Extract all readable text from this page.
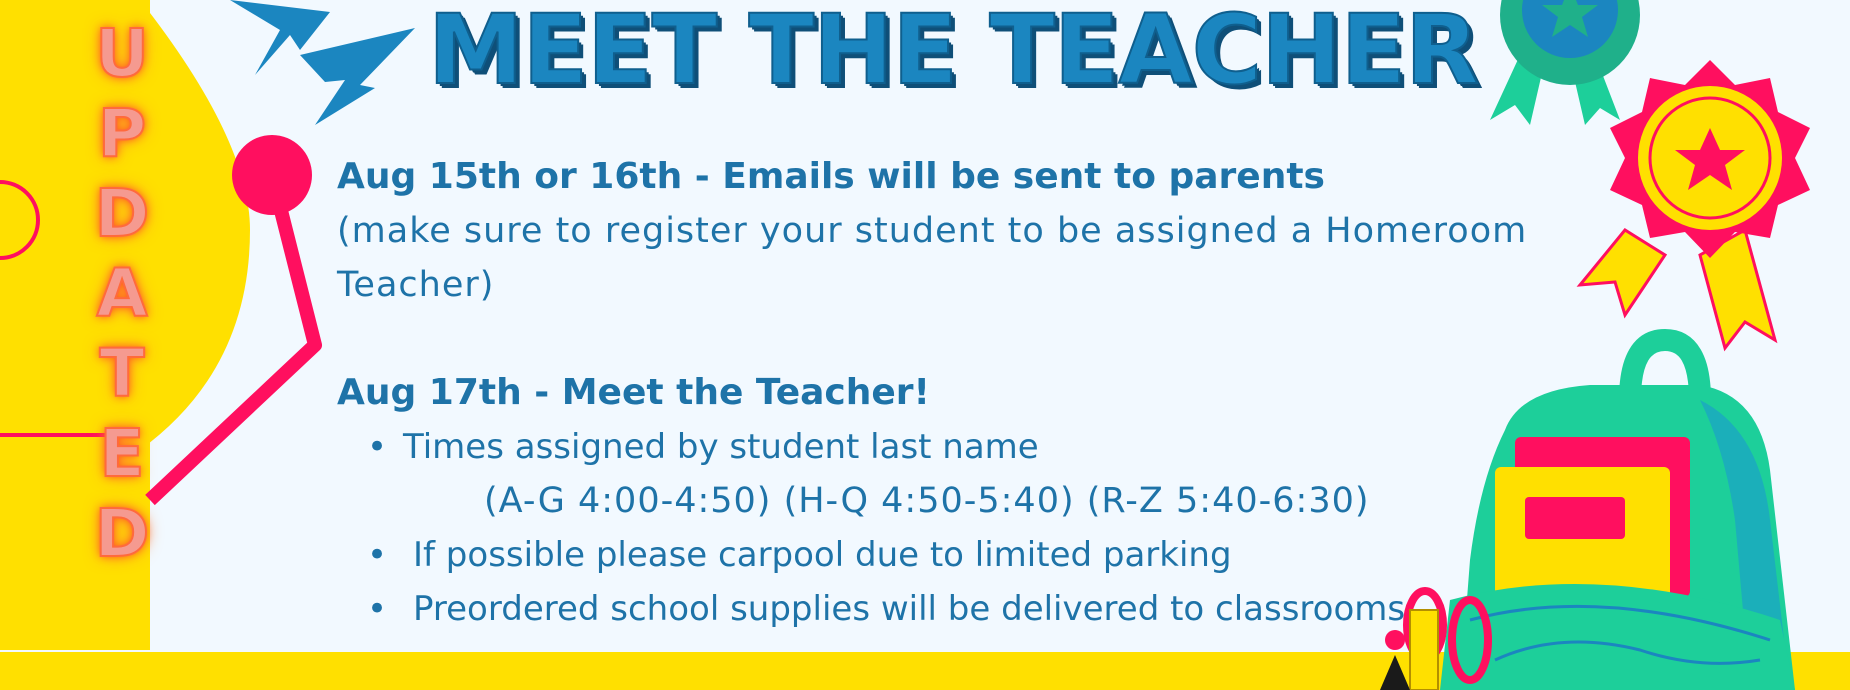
U
P
D
A
T
E
D
MEET THE TEACHER
Aug 15th or 16th - Emails will be sent to parents
(make sure to register your student to be assigned a Homeroom Teacher)
Aug 17th - Meet the Teacher!
• Times assigned by student last name
(A-G 4:00-4:50) (H-Q 4:50-5:40) (R-Z 5:40-6:30)
• If possible please carpool due to limited parking
• Preordered school supplies will be delivered to classrooms
